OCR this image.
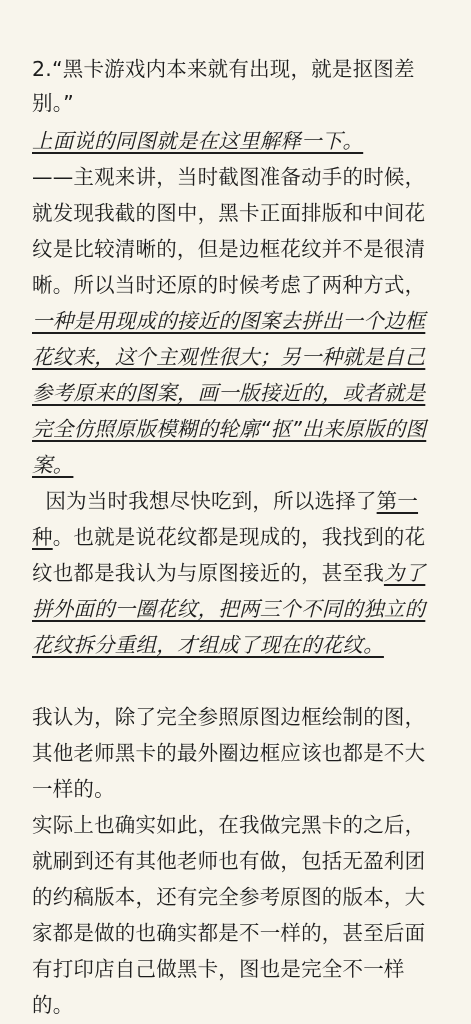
2.“黑卡游戏内本来就有出现，就是抠图差
别。”
上面说的同图就是在这里解释一下。
——主观来讲，当时截图准备动手的时候，
就发现我截的图中，黑卡正面排版和中间花
纹是比较清晰的，但是边框花纹并不是很清
晰。所以当时还原的时候考虑了两种方式，
一种是用现成的接近的图案去拼出一个边框
花纹来，这个主观性很大；另一种就是自己
参考原来的图案，画一版接近的，或者就是
完全仿照原版模糊的轮廓“抠”出来原版的图
案。
因为当时我想尽快吃到，所以选择了第一
种。也就是说花纹都是现成的，我找到的花
纹也都是我认为与原图接近的，甚至我为了
拼外面的一圈花纹，把两三个不同的独立的
花纹拆分重组，才组成了现在的花纹。
我认为，除了完全参照原图边框绘制的图，
其他老师黑卡的最外圈边框应该也都是不大
一样的。
实际上也确实如此，在我做完黑卡的之后，
就刷到还有其他老师也有做，包括无盈利团
的约稿版本，还有完全参考原图的版本，大
家都是做的也确实都是不一样的，甚至后面
有打印店自己做黑卡，图也是完全不一样
的。
